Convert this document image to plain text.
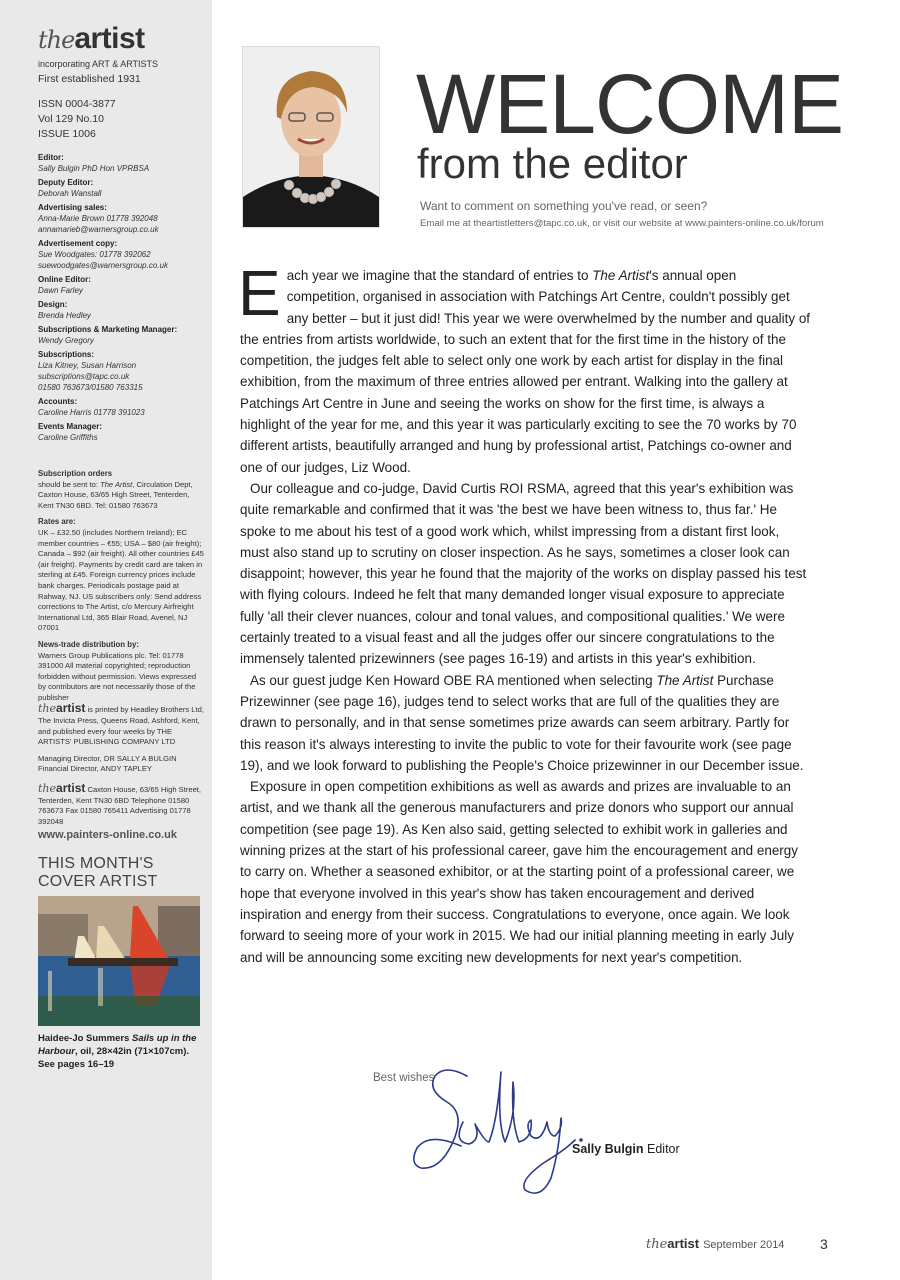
the artist
incorporating ART & ARTISTS
First established 1931
ISSN 0004-3877
Vol 129 No.10
ISSUE 1006
Editor:
Sally Bulgin PhD Hon VPRBSA
Deputy Editor:
Deborah Wanstall
Advertising sales:
Anna-Marie Brown 01778 392048
annamarieb@warnersgroup.co.uk
Advertisement copy:
Sue Woodgates: 01778 392062
suewoodgates@warnersgroup.co.uk
Online Editor:
Dawn Farley
Design:
Brenda Hedley
Subscriptions & Marketing Manager:
Wendy Gregory
Subscriptions:
Liza Kitney, Susan Harrison
subscriptions@tapc.co.uk
01580 763673/01580 763315
Accounts:
Caroline Harris 01778 391023
Events Manager:
Caroline Griffiths
Subscription orders
should be sent to: The Artist, Circulation Dept, Caxton House, 63/65 High Street, Tenterden, Kent TN30 6BD. Tel: 01580 763673
Rates are:
UK – £32.50 (includes Northern Ireland); EC member countries – €55; USA – $80 (air freight); Canada – $92 (air freight). All other countries £45 (air freight). Payments by credit card are taken in sterling at £45. Foreign currency prices include bank charges. Periodicals postage paid at Rahway, NJ. US subscribers only: Send address corrections to The Artist, c/o Mercury Airfreight International Ltd, 365 Blair Road, Avenel, NJ 07001
News-trade distribution by:
Warners Group Publications plc. Tel: 01778 391000 All material copyrighted; reproduction forbidden without permission. Views expressed by contributors are not necessarily those of the publisher
theartist is printed by Headley Brothers Ltd, The Invicta Press, Queens Road, Ashford, Kent, and published every four weeks by THE ARTISTS' PUBLISHING COMPANY LTD
Managing Director, DR SALLY A BULGIN
Financial Director, ANDY TAPLEY
theartist Caxton House, 63/65 High Street, Tenterden, Kent TN30 6BD Telephone 01580 763673 Fax 01580 765411 Advertising 01778 392048
www.painters-online.co.uk
THIS MONTH'S
COVER ARTIST
Haidee-Jo Summers Sails up in the Harbour, oil, 28×42in (71×107cm). See pages 16–19
WELCOME
from the editor
Want to comment on something you've read, or seen?
Email me at theartistletters@tapc.co.uk, or visit our website at www.painters-online.co.uk/forum

Each year we imagine that the standard of entries to The Artist's annual open competition, organised in association with Patchings Art Centre, couldn't possibly get any better – but it just did! This year we were overwhelmed by the number and quality of the entries from artists worldwide, to such an extent that for the first time in the history of the competition, the judges felt able to select only one work by each artist for display in the final exhibition, from the maximum of three entries allowed per entrant. Walking into the gallery at Patchings Art Centre in June and seeing the works on show for the first time, is always a highlight of the year for me, and this year it was particularly exciting to see the 70 works by 70 different artists, beautifully arranged and hung by professional artist, Patchings co-owner and one of our judges, Liz Wood.

Our colleague and co-judge, David Curtis ROI RSMA, agreed that this year's exhibition was quite remarkable and confirmed that it was 'the best we have been witness to, thus far.' He spoke to me about his test of a good work which, whilst impressing from a distant first look, must also stand up to scrutiny on closer inspection. As he says, sometimes a closer look can disappoint; however, this year he found that the majority of the works on display passed his test with flying colours. Indeed he felt that many demanded longer visual exposure to appreciate fully 'all their clever nuances, colour and tonal values, and compositional qualities.' We were certainly treated to a visual feast and all the judges offer our sincere congratulations to the immensely talented prizewinners (see pages 16-19) and artists in this year's exhibition.

As our guest judge Ken Howard OBE RA mentioned when selecting The Artist Purchase Prizewinner (see page 16), judges tend to select works that are full of the qualities they are drawn to personally, and in that sense sometimes prize awards can seem arbitrary. Partly for this reason it's always interesting to invite the public to vote for their favourite work (see page 19), and we look forward to publishing the People's Choice prizewinner in our December issue.

Exposure in open competition exhibitions as well as awards and prizes are invaluable to an artist, and we thank all the generous manufacturers and prize donors who support our annual competition (see page 19). As Ken also said, getting selected to exhibit work in galleries and winning prizes at the start of his professional career, gave him the encouragement and energy to carry on. Whether a seasoned exhibitor, or at the starting point of a professional career, we hope that everyone involved in this year's show has taken encouragement and derived inspiration and energy from their success. Congratulations to everyone, once again. We look forward to seeing more of your work in 2015. We had our initial planning meeting in early July and will be announcing some exciting new developments for next year's competition.

Best wishes
Sally Bulgin Editor
the artist September 2014	3
